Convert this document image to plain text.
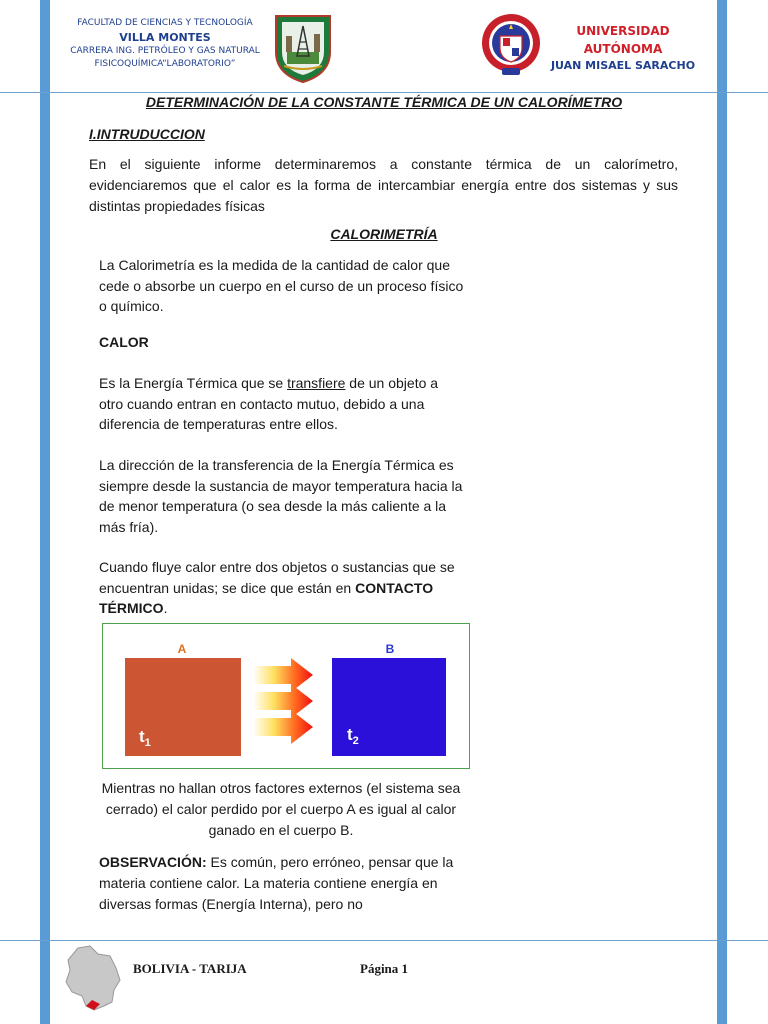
FACULTAD DE CIENCIAS Y TECNOLOGÍA
VILLA MONTES
CARRERA ING. PETRÓLEO Y GAS NATURAL
FISICOQUÍMICA“LABORATORIO”
UNIVERSIDAD AUTÓNOMA
JUAN MISAEL SARACHO
DETERMINACIÓN DE LA CONSTANTE TÉRMICA DE UN CALORÍMETRO
I.INTRUDUCCION
En el siguiente informe determinaremos a constante térmica de un calorímetro, evidenciaremos que el calor es la forma de intercambiar energía entre dos sistemas y sus distintas propiedades físicas
CALORIMETRÍA
La Calorimetría es la medida de la cantidad de calor que cede o absorbe un cuerpo en el curso de un proceso físico o químico.
CALOR
Es la Energía Térmica que se transfiere de un objeto a otro cuando entran en contacto mutuo, debido a una diferencia de temperaturas entre ellos.
La dirección de la transferencia de la Energía Térmica es siempre desde la sustancia de mayor temperatura hacia la de menor temperatura (o sea desde la más caliente a la más fría).
Cuando fluye calor entre dos objetos o sustancias que se encuentran unidas; se dice que están en CONTACTO TÉRMICO.
A	B
$t_1$	$t_2$
Mientras no hallan otros factores externos (el sistema sea cerrado) el calor perdido por el cuerpo A es igual al calor ganado en el cuerpo B.
OBSERVACIÓN: Es común, pero erróneo, pensar que la materia contiene calor. La materia contiene energía en diversas formas (Energía Interna), pero no
BOLIVIA - TARIJA	Página 1
